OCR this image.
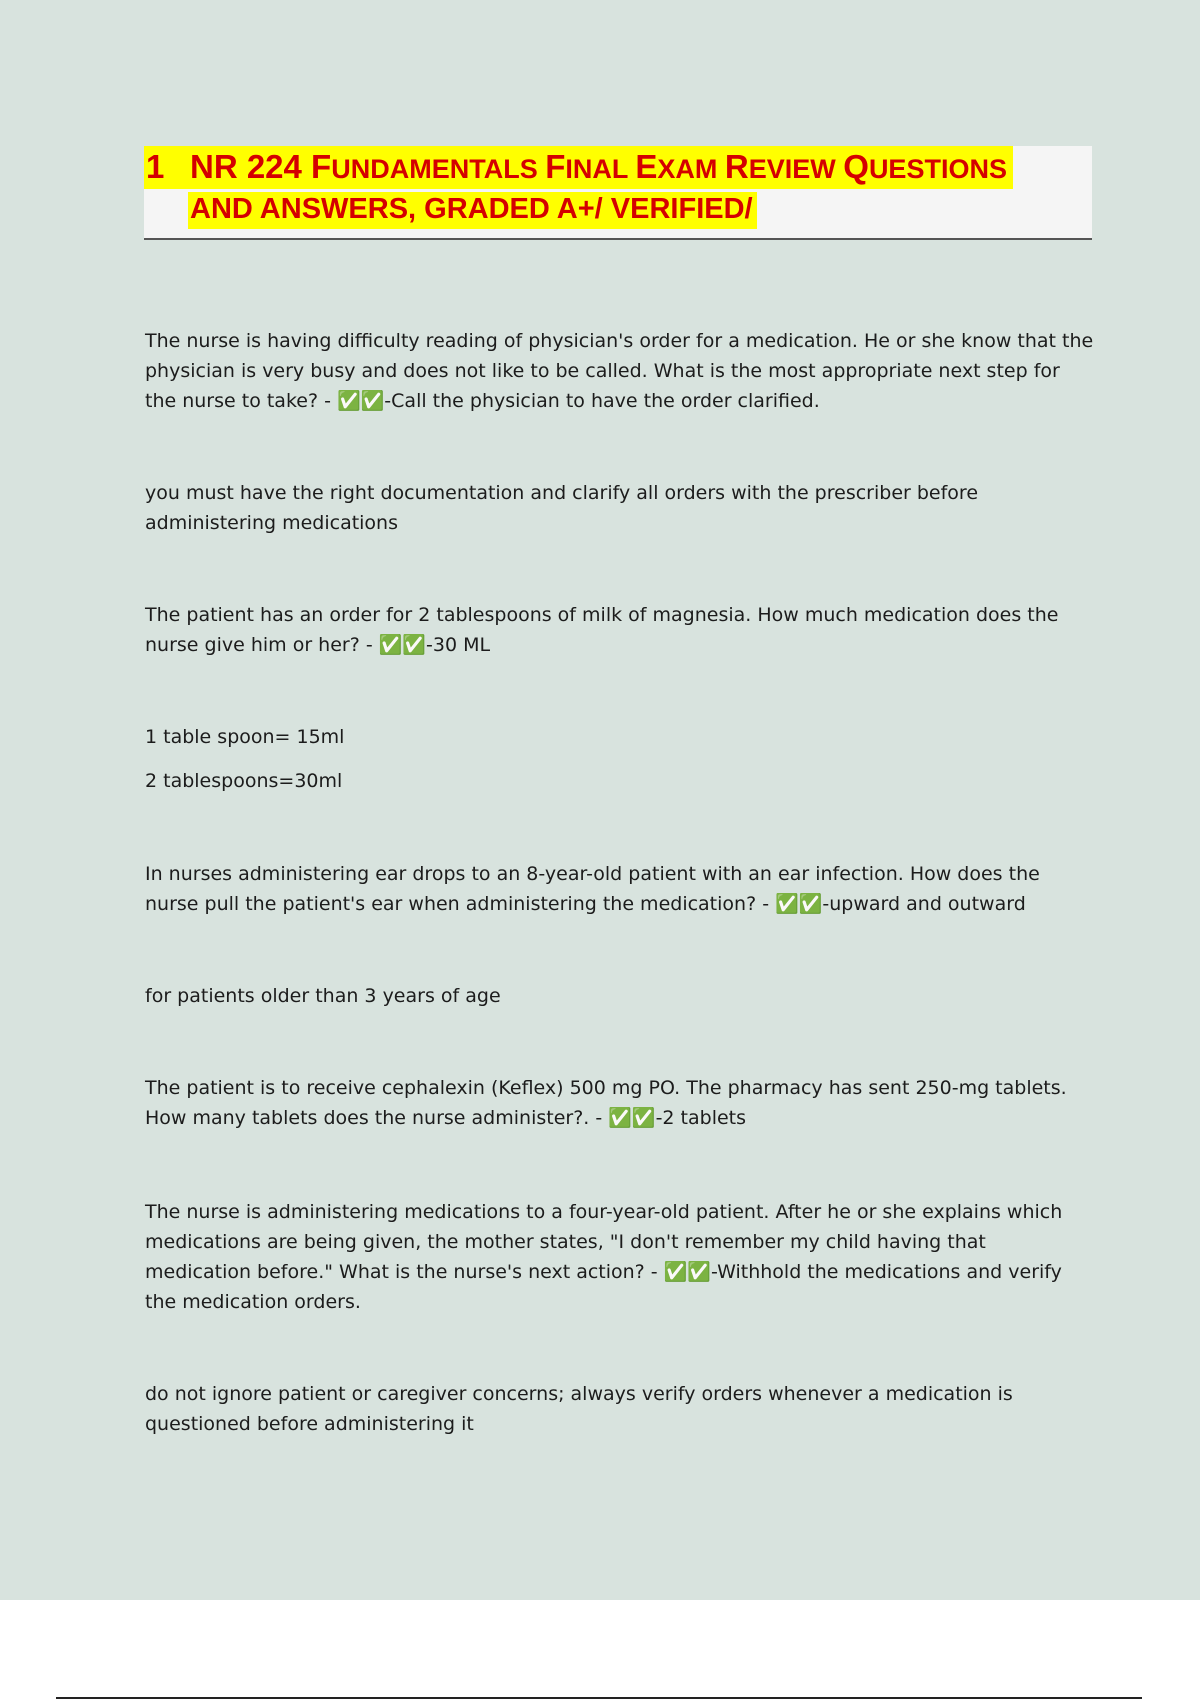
1 NR 224 FUNDAMENTALS FINAL EXAM REVIEW QUESTIONS
AND ANSWERS, GRADED A+/ VERIFIED/

The nurse is having difficulty reading of physician's order for a medication. He or she know that the physician is very busy and does not like to be called. What is the most appropriate next step for the nurse to take? - ✅✅-Call the physician to have the order clarified.

you must have the right documentation and clarify all orders with the prescriber before administering medications

The patient has an order for 2 tablespoons of milk of magnesia. How much medication does the nurse give him or her? - ✅✅-30 ML

1 table spoon= 15ml

2 tablespoons=30ml

In nurses administering ear drops to an 8-year-old patient with an ear infection. How does the nurse pull the patient's ear when administering the medication? - ✅✅-upward and outward

for patients older than 3 years of age

The patient is to receive cephalexin (Keflex) 500 mg PO. The pharmacy has sent 250-mg tablets. How many tablets does the nurse administer?. - ✅✅-2 tablets

The nurse is administering medications to a four-year-old patient. After he or she explains which medications are being given, the mother states, "I don't remember my child having that medication before." What is the nurse's next action? - ✅✅-Withhold the medications and verify the medication orders.

do not ignore patient or caregiver concerns; always verify orders whenever a medication is questioned before administering it
